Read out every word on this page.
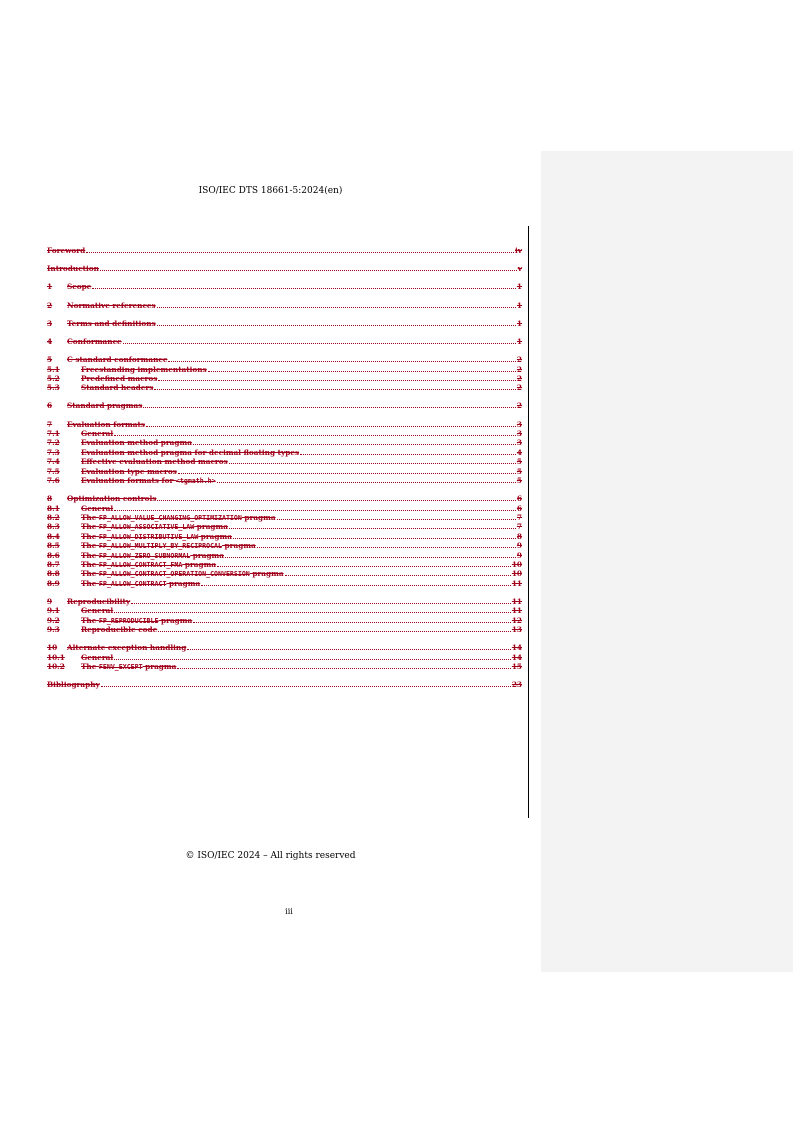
ISO/IEC DTS 18661-5:2024(en)
Foreword	iv
Introduction	v
1	Scope	1
2	Normative references	1
3	Terms and definitions	1
4	Conformance	1
5	C standard conformance	2
5.1	Freestanding implementations	2
5.2	Predefined macros	2
5.3	Standard headers	2
6	Standard pragmas	2
7	Evaluation formats	3
7.1	General	3
7.2	Evaluation method pragma	3
7.3	Evaluation method pragma for decimal floating types	4
7.4	Effective evaluation method macros	5
7.5	Evaluation type macros	5
7.6	Evaluation formats for <tgmath.h>	5
8	Optimization controls	6
8.1	General	6
8.2	The FP_ALLOW_VALUE_CHANGING_OPTIMIZATION pragma	7
8.3	The FP_ALLOW_ASSOCIATIVE_LAW pragma	7
8.4	The FP_ALLOW_DISTRIBUTIVE_LAW pragma	8
8.5	The FP_ALLOW_MULTIPLY_BY_RECIPROCAL pragma	9
8.6	The FP_ALLOW_ZERO_SUBNORMAL pragma	9
8.7	The FP_ALLOW_CONTRACT_FMA pragma	10
8.8	The FP_ALLOW_CONTRACT_OPERATION_CONVERSION pragma	10
8.9	The FP_ALLOW_CONTRACT pragma	11
9	Reproducibility	11
9.1	General	11
9.2	The FP_REPRODUCIBLE pragma	12
9.3	Reproducible code	13
10	Alternate exception handling	14
10.1	General	14
10.2	The FENV_EXCEPT pragma	15
Bibliography	23
© ISO/IEC 2024 – All rights reserved
iii
